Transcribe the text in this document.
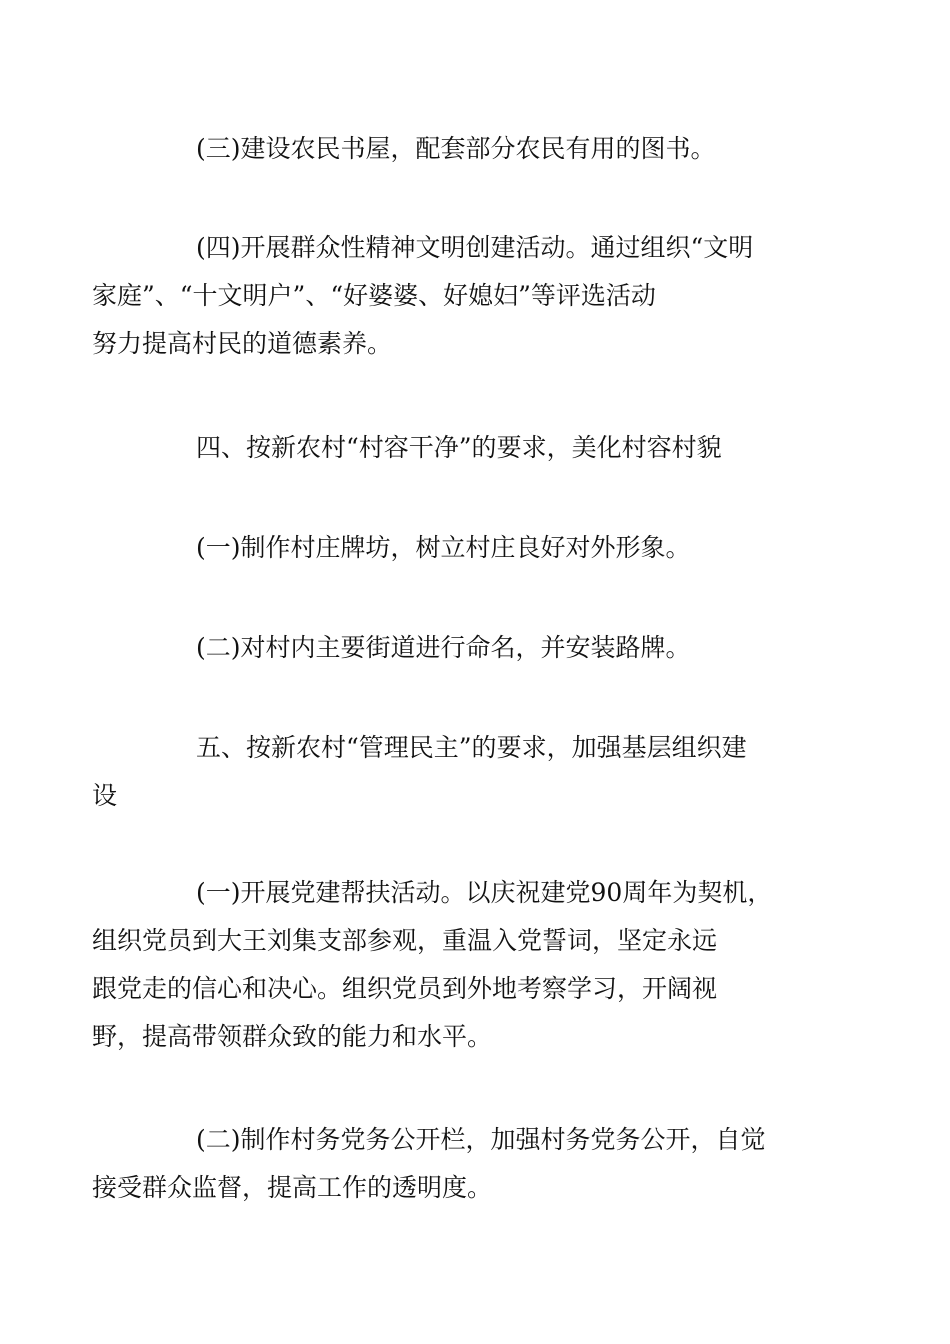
(三)建设农民书屋，配套部分农民有用的图书。
(四)开展群众性精神文明创建活动。通过组织“文明
家庭”、“十文明户”、“好婆婆、好媳妇”等评选活动
努力提高村民的道德素养。
四、按新农村“村容干净”的要求，美化村容村貌
(一)制作村庄牌坊，树立村庄良好对外形象。
(二)对村内主要街道进行命名，并安装路牌。
五、按新农村“管理民主”的要求，加强基层组织建
设
(一)开展党建帮扶活动。以庆祝建党90周年为契机，
组织党员到大王刘集支部参观，重温入党誓词，坚定永远
跟党走的信心和决心。组织党员到外地考察学习，开阔视
野，提高带领群众致的能力和水平。
(二)制作村务党务公开栏，加强村务党务公开，自觉
接受群众监督，提高工作的透明度。
